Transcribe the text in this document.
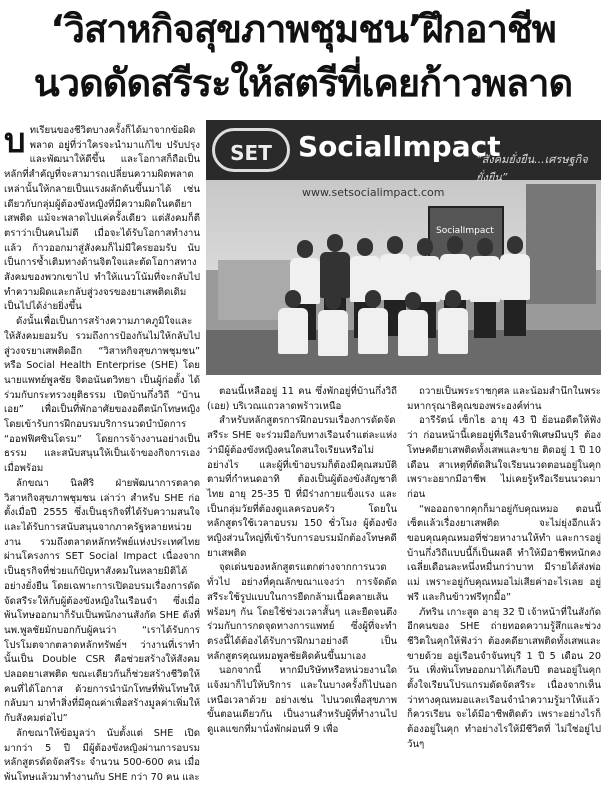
‘วิสาหกิจสุขภาพชุมชน’ฝึกอาชีพ
นวดดัดสรีระให้สตรีที่เคยก้าวพลาด
SET SocialImpact
“สังคมยั่งยืน...เศรษฐกิจยั่งยืน”
www.setsocialimpact.com
SocialImpact

บทเรียนของชีวิตบางครั้งก็ได้มาจากข้อผิดพลาด อยู่ที่ว่าใครจะนำมาแก้ไข ปรับปรุง และพัฒนาให้ดีขึ้น และโอกาสก็ถือเป็นหลักที่สำคัญที่จะสามารถเปลี่ยนความผิดพลาดเหล่านั้นให้กลายเป็นแรงผลักดันขึ้นมาได้ เช่นเดียวกับกลุ่มผู้ต้องขังหญิงที่มีความผิดในคดียาเสพติด แม้จะพลาดไปแค่ครั้งเดียว แต่สังคมก็ตีตราว่าเป็นคนไม่ดี เมื่อจะได้รับโอกาสทำงานแล้ว ก้าวออกมาสู่สังคมก็ไม่มีใครยอมรับ นับเป็นการซ้ำเติมทางด้านจิตใจและตัดโอกาสทางสังคมของพวกเขาไป ทำให้แนวโน้มที่จะกลับไปทำความผิดและกลับสู่วงจรของยาเสพติดเดิมเป็นไปได้ง่ายยิ่งขึ้น

ดังนั้นเพื่อเป็นการสร้างความภาคภูมิใจและให้สังคมยอมรับ รวมถึงการป้องกันไม่ให้กลับไปสู่วงจรยาเสพติดอีก “วิสาหกิจสุขภาพชุมชน” หรือ Social Health Enterprise (SHE) โดยนายแพทย์พูลชัย จิตอนันตวิทยา เป็นผู้ก่อตั้ง ได้ร่วมกับกระทรวงยุติธรรม เปิดบ้านกึ่งวิถี “บ้านเอย” เพื่อเป็นที่พักอาศัยของอดีตนักโทษหญิง โดยเข้ารับการฝึกอบรมบริการนวดบำบัดการ “ออฟฟิศซินโดรม” โดยการจ้างงานอย่างเป็นธรรม และสนับสนุนให้เป็นเจ้าของกิจการเองเมื่อพร้อม

ลักขณา นิลศิริ ฝ่ายพัฒนาการตลาด วิสาหกิจสุขภาพชุมชน เล่าว่า สำหรับ SHE ก่อตั้งเมื่อปี 2555 ซึ่งเป็นธุรกิจที่ได้รับความสนใจและได้รับการสนับสนุนจากภาครัฐหลายหน่วยงาน รวมถึงตลาดหลักทรัพย์แห่งประเทศไทย ผ่านโครงการ SET Social Impact เนื่องจากเป็นธุรกิจที่ช่วยแก้ปัญหาสังคมในหลายมิติได้อย่างยั่งยืน โดยเฉพาะการเปิดอบรมเรื่องการดัดจัดสรีระให้กับผู้ต้องขังหญิงในเรือนจำ ซึ่งเมื่อพ้นโทษออกมาก็รับเป็นพนักงานสังกัด SHE ดังที่ นพ.พูลชัยมักบอกกับผู้คนว่า “เราได้รับการโปรโมตจากตลาดหลักทรัพย์ฯ ว่างานที่เราทำนั้นเป็น Double CSR คือช่วยสร้างให้สังคมปลอดยาเสพติด ขณะเดียวกันก็ช่วยสร้างชีวิตให้คนที่ได้โอกาส ด้วยการนำนักโทษที่พ้นโทษให้กลับมา มาทำสิ่งที่มีคุณค่าเพื่อสร้างมูลค่าเพิ่มให้กับสังคมต่อไป”

ลักขณาให้ข้อมูลว่า นับตั้งแต่ SHE เปิดมากว่า 5 ปี มีผู้ต้องขังหญิงผ่านการอบรมหลักสูตรดัดจัดสรีระ จำนวน 500-600 คน เมื่อพ้นโทษแล้วมาทำงานกับ SHE กว่า 70 คน และ

ตอนนี้เหลืออยู่ 11 คน ซึ่งพักอยู่ที่บ้านกึ่งวิถี (เอย) บริเวณแถวลาดพร้าวเหนือ

สำหรับหลักสูตรการฝึกอบรมเรื่องการดัดจัดสรีระ SHE จะร่วมมือกับทางเรือนจำแต่ละแห่งว่ามีผู้ต้องขังหญิงคนใดสนใจเรียนหรือไม่อย่างไร และผู้ที่เข้าอบรมก็ต้องมีคุณสมบัติตามที่กำหนดอาทิ ต้องเป็นผู้ต้องขังสัญชาติไทย อายุ 25-35 ปี ที่มีร่างกายแข็งแรง และเป็นกลุ่มวัยที่ต้องดูแลครอบครัว โดยในหลักสูตรใช้เวลาอบรม 150 ชั่วโมง ผู้ต้องขังหญิงส่วนใหญ่ที่เข้ารับการอบรมมักต้องโทษคดียาเสพติด

จุดเด่นของหลักสูตรแตกต่างจากการนวดทั่วไป อย่างที่คุณลักขณาแจงว่า การจัดดัดสรีระใช้รูปแบบในการยืดกล้ามเนื้อคลายเส้นพร้อมๆ กัน โดยใช้ช่วงเวลาสั้นๆ และยืดจนตึงร่วมกับการกดจุดทางการแพทย์ ซึ่งผู้ที่จะทำตรงนี้ได้ต้องได้รับการฝึกมาอย่างดี เป็นหลักสูตรคุณหมอพูลชัยคิดค้นขึ้นมาเอง

นอกจากนี้ หากมีบริษัทหรือหน่วยงานใดแจ้งมาก็ไปให้บริการ และในบางครั้งก็ไปนอกเหนือเวลาด้วย อย่างเช่น ไปนวดเพื่อสุขภาพ ขั้นตอนเดียวกัน เป็นงานสำหรับผู้ที่ทำงานไปดูแลแขกที่มานั่งพักผ่อนที่ 9 เพื่อ

ถวายเป็นพระราชกุศล และน้อมสำนึกในพระมหากรุณาธิคุณของพระองค์ท่าน

อารีรัตน์ เซ็กไธ อายุ 43 ปี ย้อนอดีตให้ฟังว่า ก่อนหน้านี้เคยอยู่ที่เรือนจำพิเศษมีนบุรี ต้องโทษคดียาเสพติดทั้งเสพและขาย ติดอยู่ 1 ปี 10 เดือน สาเหตุที่ตัดสินใจเรียนนวดตอนอยู่ในคุกเพราะอยากมีอาชีพ ไม่เคยรู้หรือเรียนนวดมาก่อน

“พอออกจากคุกก็มาอยู่กับคุณหมอ ตอนนี้เซ็ตแล้วเรื่องยาเสพติด จะไม่ยุ่งอีกแล้ว ขอบคุณคุณหมอที่ช่วยหางานให้ทำ และการอยู่บ้านกึ่งวิถีแบบนี้ก็เป็นผลดี ทำให้มีอาชีพหนักคง เฉลี่ยเดือนละหนึ่งหมื่นกว่าบาท มีรายได้ส่งพ่อแม่ เพราะอยู่กับคุณหมอไม่เสียค่าอะไรเลย อยู่ฟรี และกินข้าวฟรีทุกมื้อ”

ภัทริน เกาะสูด อายุ 32 ปี เจ้าหน้าที่ในสังกัดอีกคนของ SHE ถ่ายทอดความรู้สึกและช่วงชีวิตในคุกให้ฟังว่า ต้องคดียาเสพติดทั้งเสพและขายด้วย อยู่เรือนจำจันทบุรี 1 ปี 5 เดือน 20 วัน เพิ่งพ้นโทษออกมาได้เกือบปี ตอนอยู่ในคุกตั้งใจเรียนโปรแกรมดัดจัดสรีระ เนื่องจากเห็นว่าทางคุณหมอและเรือนจำนำความรู้มาให้แล้วก็ควรเรียน จะได้มีอาชีพติดตัว เพราะอย่างไรก็ต้องอยู่ในคุก ทำอย่างไรให้มีชีวิตที่ ไม่ใช่อยู่ไปวันๆ
